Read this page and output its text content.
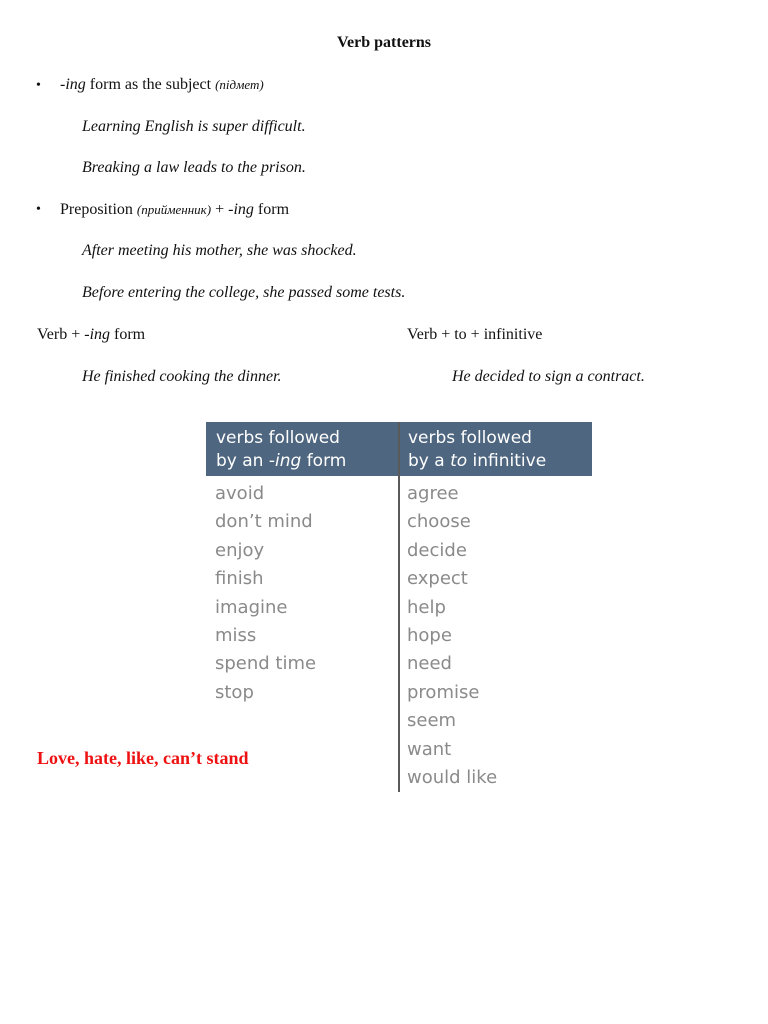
Verb patterns
• -ing form as the subject (підмет)
Learning English is super difficult.
Breaking a law leads to the prison.
• Preposition (прийменник) + -ing form
After meeting his mother, she was shocked.
Before entering the college, she passed some tests.
Verb + -ing form	Verb + to + infinitive
He finished cooking the dinner.	He decided to sign a contract.
verbs followed
by an -ing form
verbs followed
by a to infinitive
avoid
don’t mind
enjoy
finish
imagine
miss
spend time
stop
agree
choose
decide
expect
help
hope
need
promise
seem
want
would like
Love, hate, like, can’t stand
